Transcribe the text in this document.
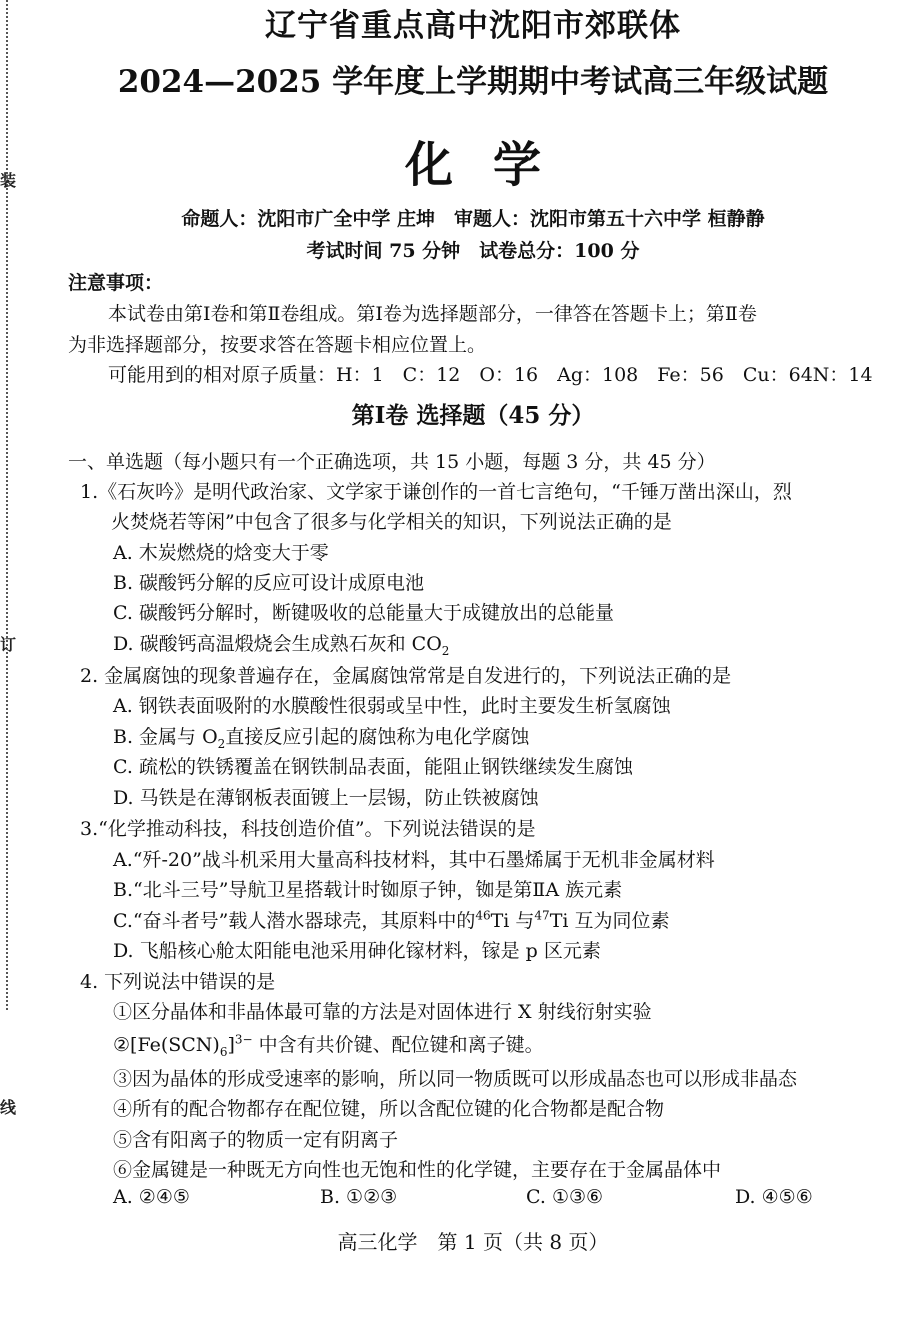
装
订
线
辽宁省重点高中沈阳市郊联体
2024—2025 学年度上学期期中考试高三年级试题
化学
命题人：沈阳市广全中学 庄坤　审题人：沈阳市第五十六中学 桓静静
考试时间 75 分钟　试卷总分：100 分
注意事项：
本试卷由第Ⅰ卷和第Ⅱ卷组成。第Ⅰ卷为选择题部分，一律答在答题卡上；第Ⅱ卷
为非选择题部分，按要求答在答题卡相应位置上。
可能用到的相对原子质量：H：1　C：12　O：16　Ag：108　Fe：56　Cu：64N：14
第Ⅰ卷 选择题（45 分）
一、单选题（每小题只有一个正确选项，共 15 小题，每题 3 分，共 45 分）
1.《石灰吟》是明代政治家、文学家于谦创作的一首七言绝句，“千锤万凿出深山，烈
火焚烧若等闲”中包含了很多与化学相关的知识，下列说法正确的是
A. 木炭燃烧的焓变大于零
B. 碳酸钙分解的反应可设计成原电池
C. 碳酸钙分解时，断键吸收的总能量大于成键放出的总能量
D. 碳酸钙高温煅烧会生成熟石灰和 $CO_2$
2. 金属腐蚀的现象普遍存在，金属腐蚀常常是自发进行的，下列说法正确的是
A. 钢铁表面吸附的水膜酸性很弱或呈中性，此时主要发生析氢腐蚀
B. 金属与 $O_2$直接反应引起的腐蚀称为电化学腐蚀
C. 疏松的铁锈覆盖在钢铁制品表面，能阻止钢铁继续发生腐蚀
D. 马铁是在薄钢板表面镀上一层锡，防止铁被腐蚀
3.“化学推动科技，科技创造价值”。下列说法错误的是
A.“歼-20”战斗机采用大量高科技材料，其中石墨烯属于无机非金属材料
B.“北斗三号”导航卫星搭载计时铷原子钟，铷是第ⅡA 族元素
C.“奋斗者号”载人潜水器球壳，其原料中的$^{46}$Ti 与$^{47}$Ti 互为同位素
D. 飞船核心舱太阳能电池采用砷化镓材料，镓是 p 区元素
4. 下列说法中错误的是
①区分晶体和非晶体最可靠的方法是对固体进行 X 射线衍射实验
$②[Fe(SCN)_6]^{3-}$ 中含有共价键、配位键和离子键。
③因为晶体的形成受速率的影响，所以同一物质既可以形成晶态也可以形成非晶态
④所有的配合物都存在配位键，所以含配位键的化合物都是配合物
⑤含有阳离子的物质一定有阴离子
⑥金属键是一种既无方向性也无饱和性的化学键，主要存在于金属晶体中
A. ②④⑤	B. ①②③	C. ①③⑥	D. ④⑤⑥
高三化学　第 1 页（共 8 页）
